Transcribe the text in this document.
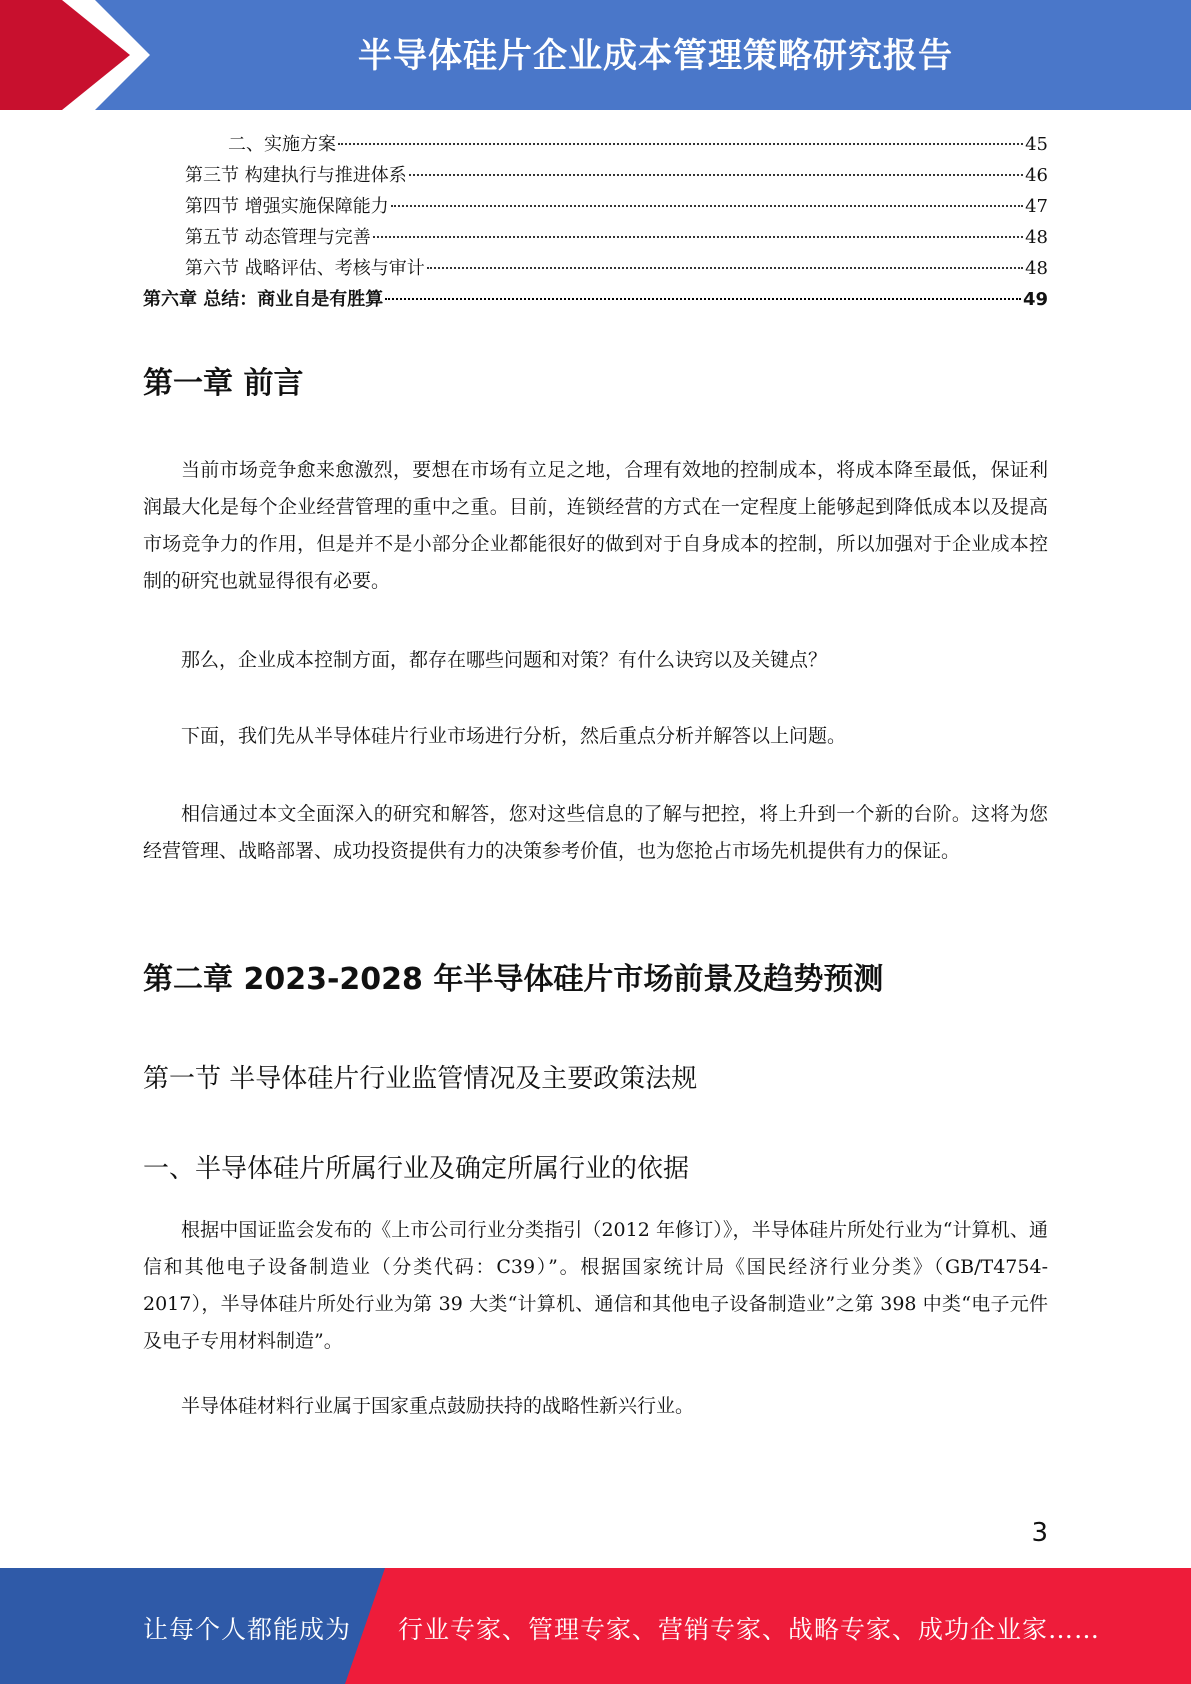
半导体硅片企业成本管理策略研究报告
二、实施方案	45
第三节 构建执行与推进体系	46
第四节 增强实施保障能力	47
第五节 动态管理与完善	48
第六节 战略评估、考核与审计	48
第六章 总结：商业自是有胜算	49
第一章 前言

当前市场竞争愈来愈激烈，要想在市场有立足之地，合理有效地的控制成本，将成本降至最低，保证利润最大化是每个企业经营管理的重中之重。目前，连锁经营的方式在一定程度上能够起到降低成本以及提高市场竞争力的作用，但是并不是小部分企业都能很好的做到对于自身成本的控制，所以加强对于企业成本控制的研究也就显得很有必要。

那么，企业成本控制方面，都存在哪些问题和对策？有什么诀窍以及关键点？

下面，我们先从半导体硅片行业市场进行分析，然后重点分析并解答以上问题。

相信通过本文全面深入的研究和解答，您对这些信息的了解与把控，将上升到一个新的台阶。这将为您经营管理、战略部署、成功投资提供有力的决策参考价值，也为您抢占市场先机提供有力的保证。

第二章 2023-2028 年半导体硅片市场前景及趋势预测
第一节 半导体硅片行业监管情况及主要政策法规
一、半导体硅片所属行业及确定所属行业的依据

根据中国证监会发布的《上市公司行业分类指引（2012 年修订）》，半导体硅片所处行业为“计算机、通信和其他电子设备制造业（分类代码：C39）”。根据国家统计局《国民经济行业分类》（GB/T4754-2017），半导体硅片所处行业为第 39 大类“计算机、通信和其他电子设备制造业”之第 398 中类“电子元件及电子专用材料制造”。

半导体硅材料行业属于国家重点鼓励扶持的战略性新兴行业。

3
让每个人都能成为 行业专家、管理专家、营销专家、战略专家、成功企业家……
